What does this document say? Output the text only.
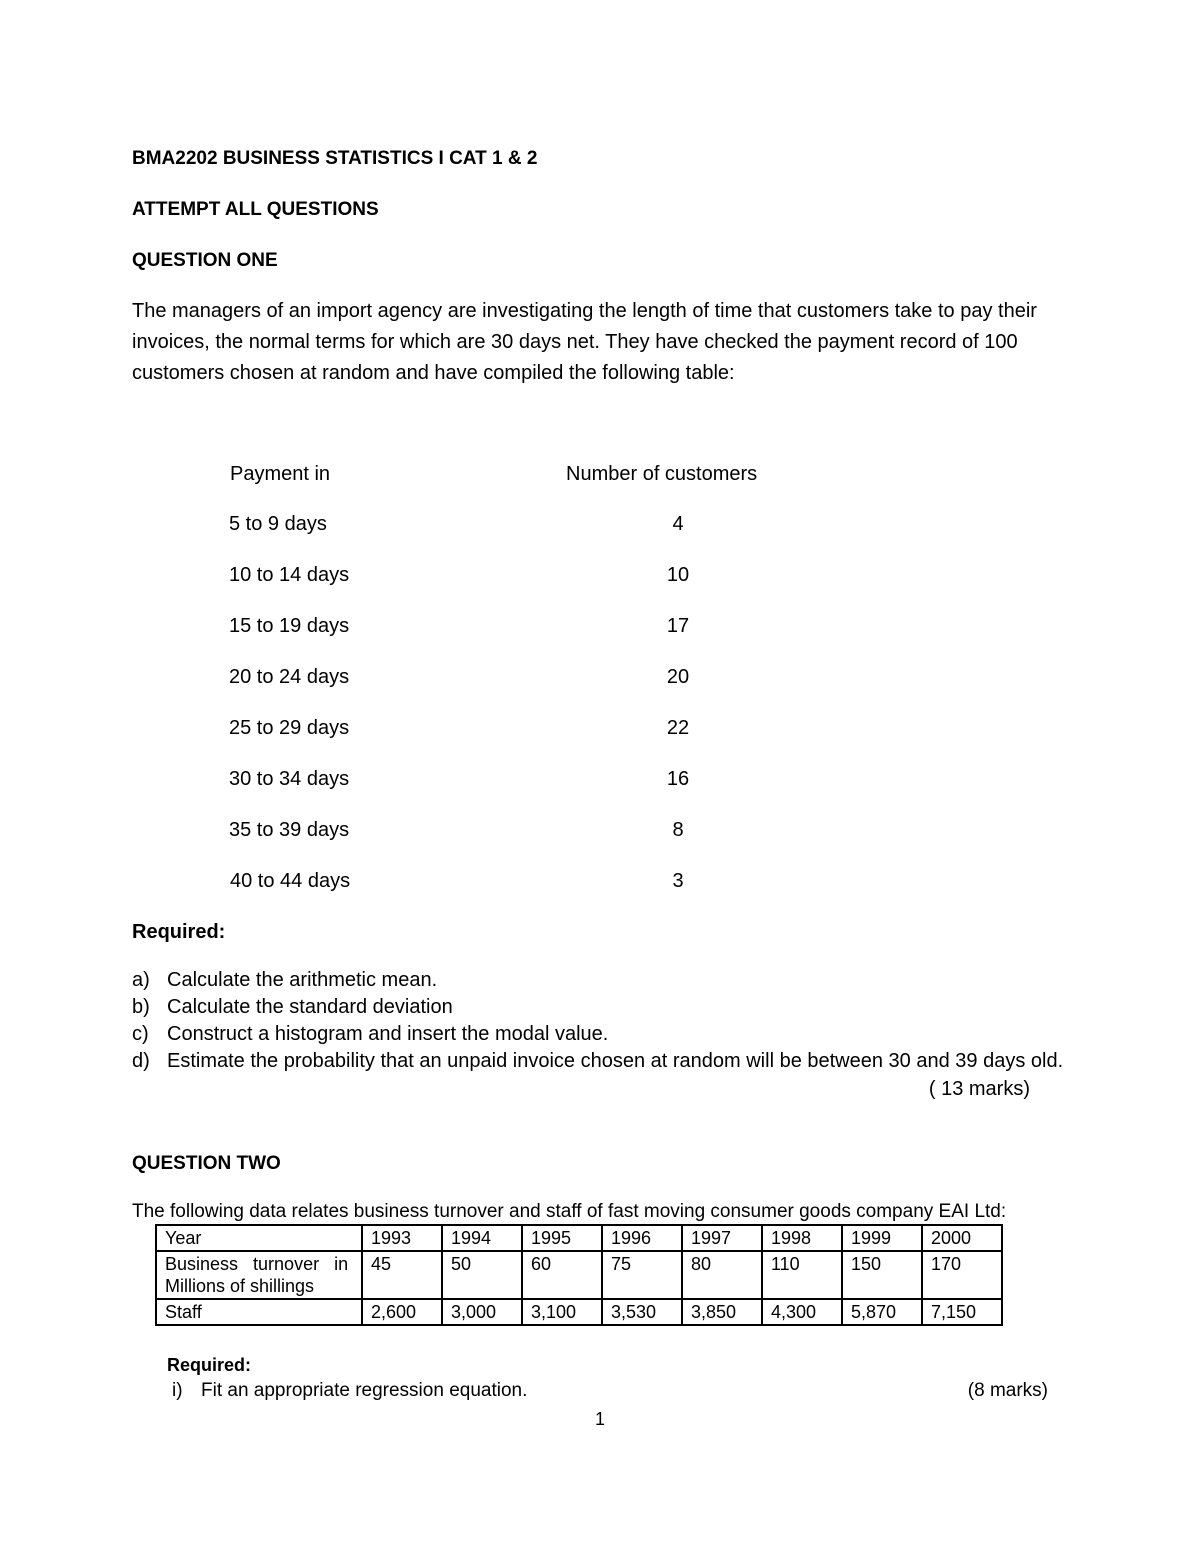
BMA2202 BUSINESS STATISTICS I CAT 1 & 2
ATTEMPT ALL QUESTIONS
QUESTION ONE
The managers of an import agency are investigating the length of time that customers take to pay their
invoices, the normal terms for which are 30 days net. They have checked the payment record of 100
customers chosen at random and have compiled the following table:
Payment in	Number of customers
5 to 9 days	4
10 to 14 days	10
15 to 19 days	17
20 to 24 days	20
25 to 29 days	22
30 to 34 days	16
35 to 39 days	8
40 to 44 days	3
Required:
a) Calculate the arithmetic mean.
b) Calculate the standard deviation
c) Construct a histogram and insert the modal value.
d) Estimate the probability that an unpaid invoice chosen at random will be between 30 and 39 days old.
( 13 marks)
QUESTION TWO
The following data relates business turnover and staff of fast moving consumer goods company EAI Ltd:
Year	1993	1994	1995	1996	1997	1998	1999	2000

Business   turnover   in
Millions of shillings	45	50	60	75	80	110	150	170
Staff	2,600	3,000	3,100	3,530	3,850	4,300	5,870	7,150
Required:
i) Fit an appropriate regression equation.	(8 marks)
1
